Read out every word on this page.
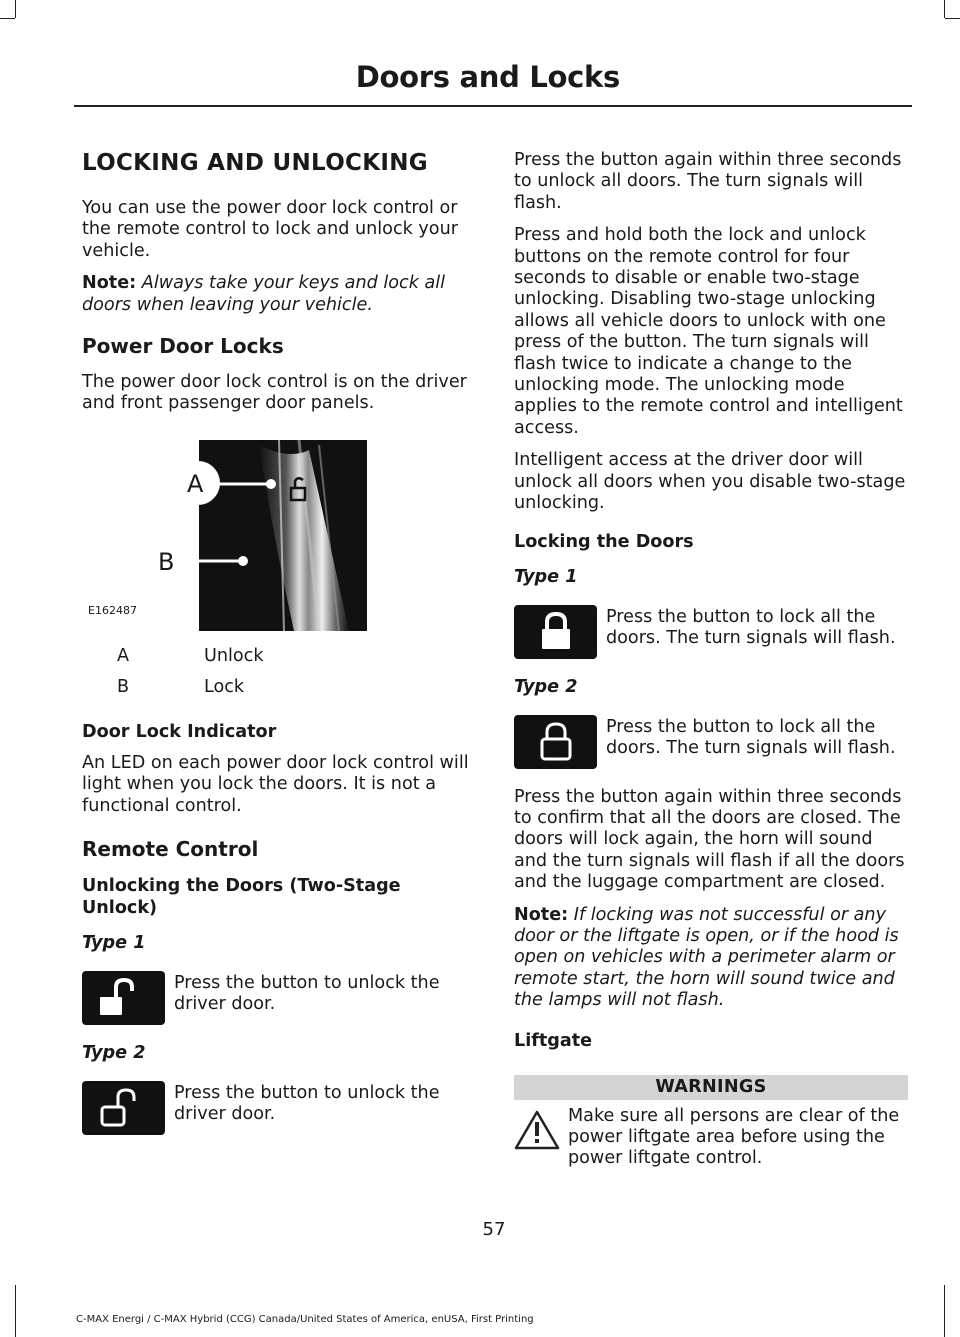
Doors and Locks
LOCKING AND UNLOCKING

You can use the power door lock control or the remote control to lock and unlock your vehicle.

Note: Always take your keys and lock all doors when leaving your vehicle.

Power Door Locks

The power door lock control is on the driver and front passenger door panels.

A
B
E162487
A	Unlock
B	Lock
Door Lock Indicator

An LED on each power door lock control will light when you lock the doors. It is not a functional control.

Remote Control
Unlocking the Doors (Two-Stage Unlock)
Type 1

Press the button to unlock the driver door.

Type 2

Press the button to unlock the driver door.

Press the button again within three seconds to unlock all doors. The turn signals will flash.

Press and hold both the lock and unlock buttons on the remote control for four seconds to disable or enable two-stage unlocking. Disabling two-stage unlocking allows all vehicle doors to unlock with one press of the button. The turn signals will flash twice to indicate a change to the unlocking mode. The unlocking mode applies to the remote control and intelligent access.

Intelligent access at the driver door will unlock all doors when you disable two-stage unlocking.

Locking the Doors
Type 1

Press the button to lock all the doors. The turn signals will flash.

Type 2

Press the button to lock all the doors. The turn signals will flash.

Press the button again within three seconds to confirm that all the doors are closed. The doors will lock again, the horn will sound and the turn signals will flash if all the doors and the luggage compartment are closed.

Note: If locking was not successful or any door or the liftgate is open, or if the hood is open on vehicles with a perimeter alarm or remote start, the horn will sound twice and the lamps will not flash.

Liftgate
WARNINGS

Make sure all persons are clear of the power liftgate area before using the power liftgate control.

57
C-MAX Energi / C-MAX Hybrid (CCG) Canada/United States of America, enUSA, First Printing
